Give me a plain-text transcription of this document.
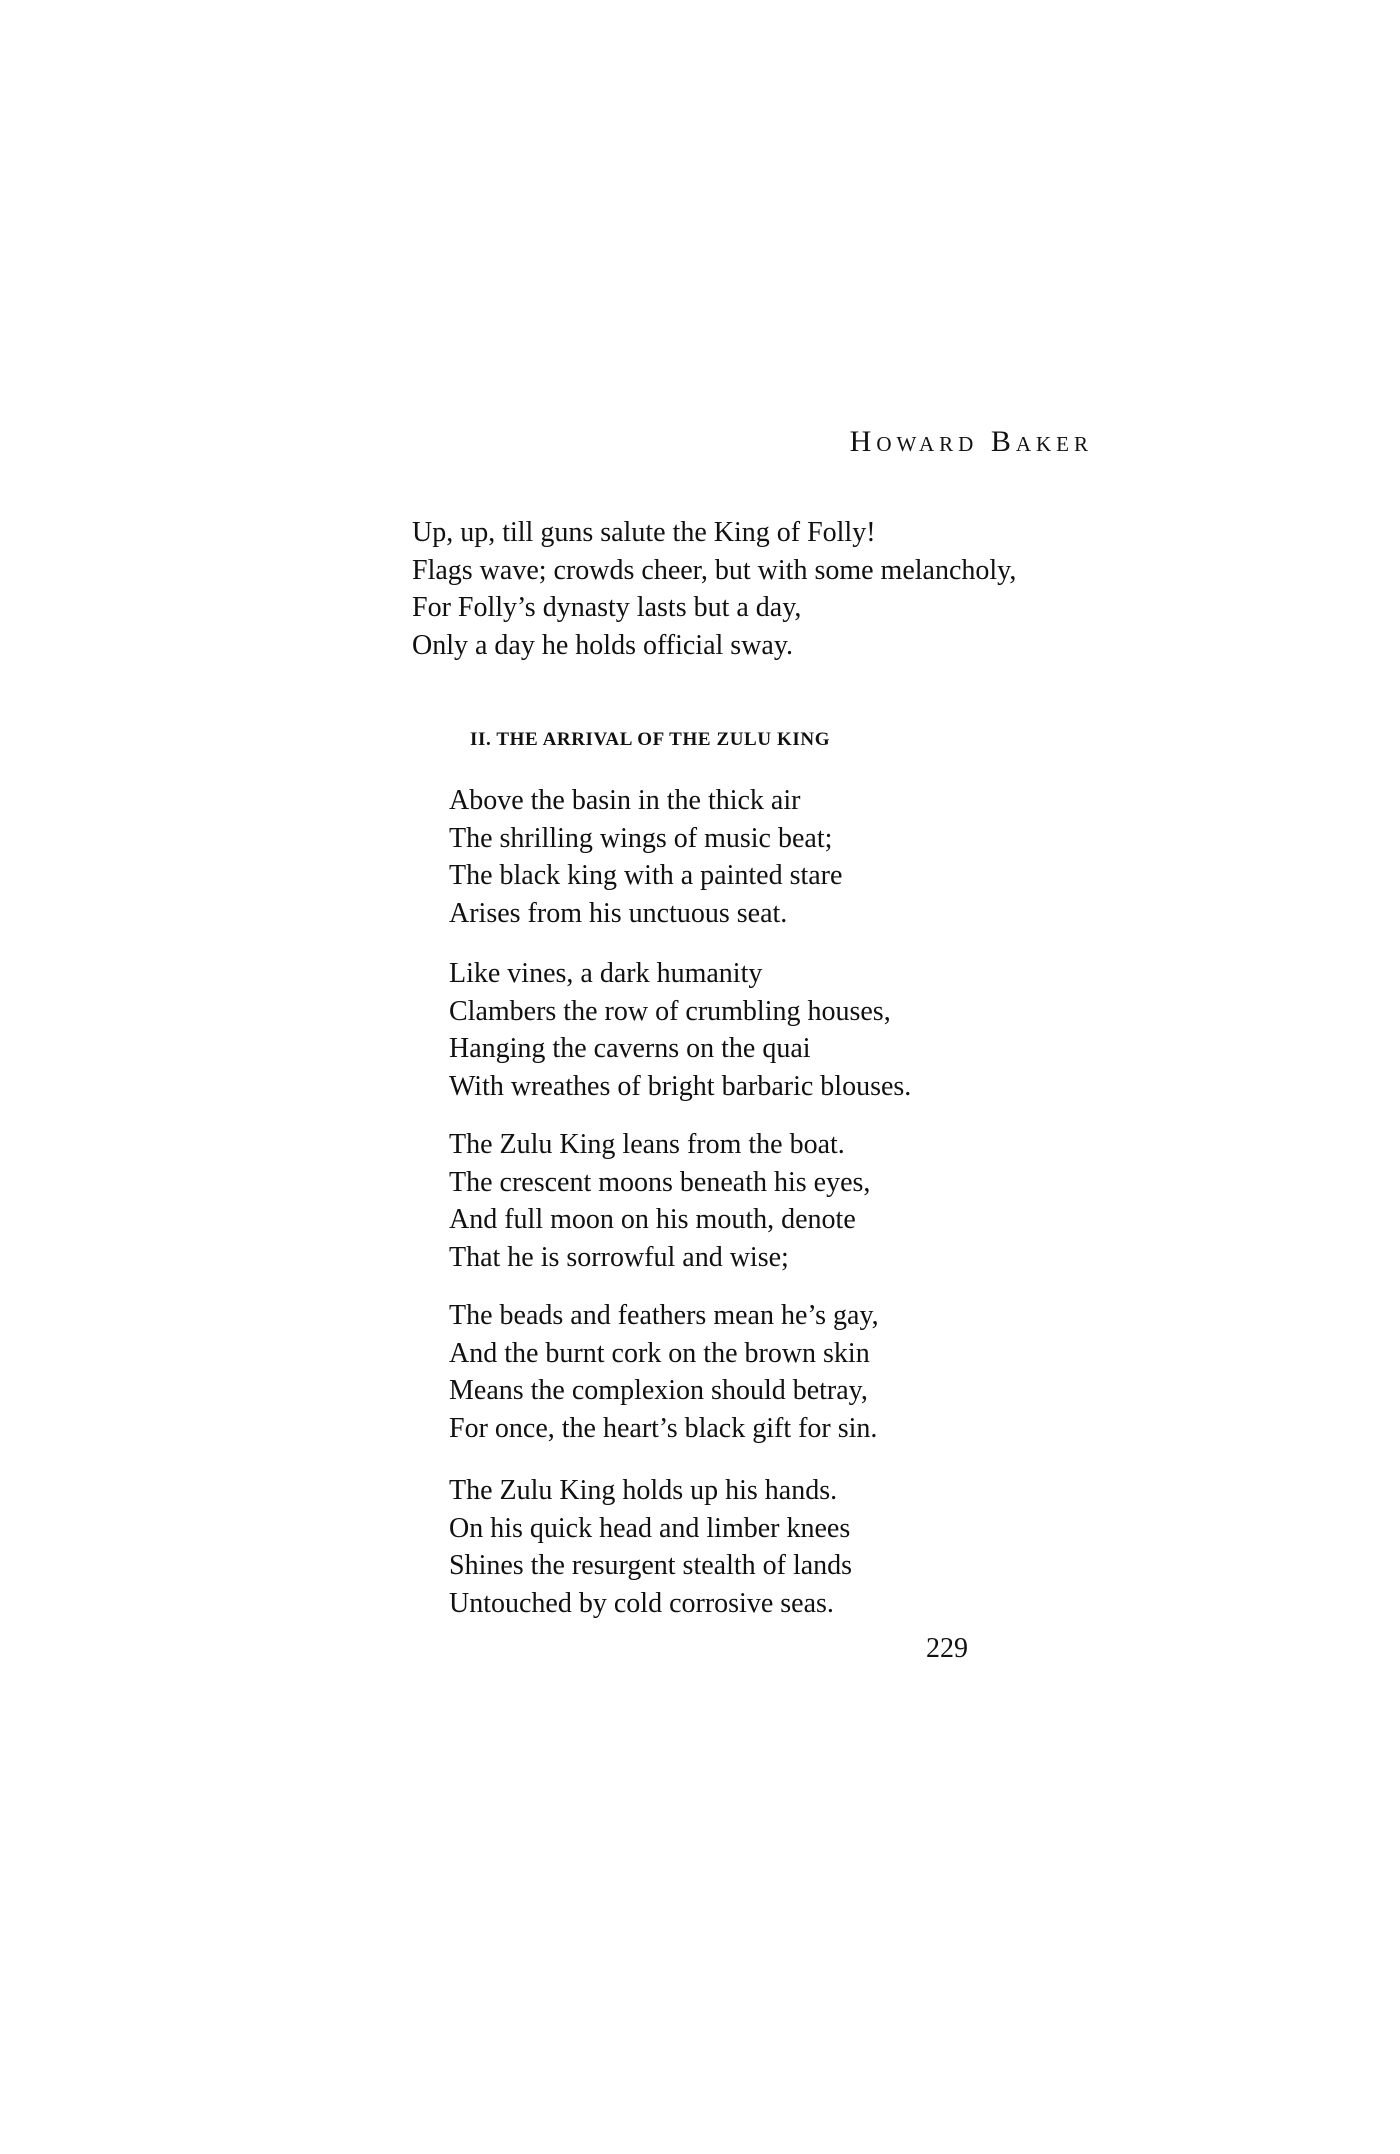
Howard Baker
Up, up, till guns salute the King of Folly!
Flags wave; crowds cheer, but with some melancholy,
For Folly’s dynasty lasts but a day,
Only a day he holds official sway.
II. THE ARRIVAL OF THE ZULU KING
Above the basin in the thick air
The shrilling wings of music beat;
The black king with a painted stare
Arises from his unctuous seat.
Like vines, a dark humanity
Clambers the row of crumbling houses,
Hanging the caverns on the quai
With wreathes of bright barbaric blouses.
The Zulu King leans from the boat.
The crescent moons beneath his eyes,
And full moon on his mouth, denote
That he is sorrowful and wise;
The beads and feathers mean he’s gay,
And the burnt cork on the brown skin
Means the complexion should betray,
For once, the heart’s black gift for sin.
The Zulu King holds up his hands.
On his quick head and limber knees
Shines the resurgent stealth of lands
Untouched by cold corrosive seas.
229
